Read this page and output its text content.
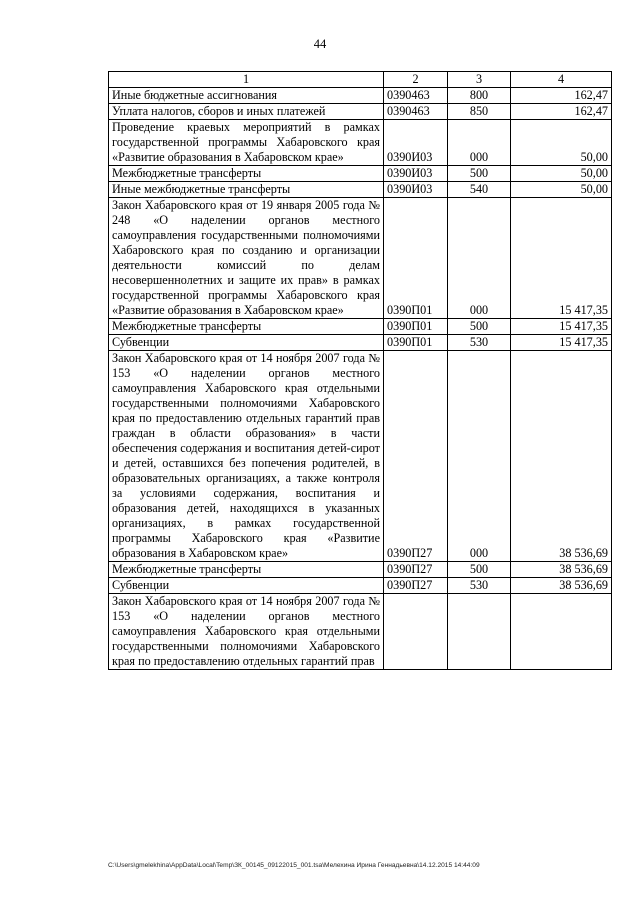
44
1	2	3	4
Иные бюджетные ассигнования	0390463	800	162,47
Уплата налогов, сборов и иных платежей	0390463	850	162,47
Проведение краевых мероприятий в рамках государственной программы Хабаровского края «Развитие образования в Хабаровском крае»	0390И03	000	50,00
Межбюджетные трансферты	0390И03	500	50,00
Иные межбюджетные трансферты	0390И03	540	50,00
Закон Хабаровского края от 19 января 2005 года № 248 «О наделении органов местного самоуправления государственными полномочиями Хабаровского края по созданию и организации деятельности комиссий по делам несовершеннолетних и защите их прав» в рамках государственной программы Хабаровского края «Развитие образования в Хабаровском крае»	0390П01	000	15 417,35
Межбюджетные трансферты	0390П01	500	15 417,35
Субвенции	0390П01	530	15 417,35
Закон Хабаровского края от 14 ноября 2007 года № 153 «О наделении органов местного самоуправления Хабаровского края отдельными государственными полномочиями Хабаровского края по предоставлению отдельных гарантий прав граждан в области образования» в части обеспечения содержания и воспитания детей-сирот и детей, оставшихся без попечения родителей, в образовательных организациях, а также контроля за условиями содержания, воспитания и образования детей, находящихся в указанных организациях, в рамках государственной программы Хабаровского края «Развитие образования в Хабаровском крае»	0390П27	000	38 536,69
Межбюджетные трансферты	0390П27	500	38 536,69
Субвенции	0390П27	530	38 536,69
Закон Хабаровского края от 14 ноября 2007 года № 153 «О наделении органов местного самоуправления Хабаровского края отдельными государственными полномочиями Хабаровского края по предоставлению отдельных гарантий прав			
C:\Users\gmelekhina\AppData\Local\Temp\ЗК_00145_09122015_001.tsa\Мелехина Ирина Геннадьевна\14.12.2015 14:44:09
